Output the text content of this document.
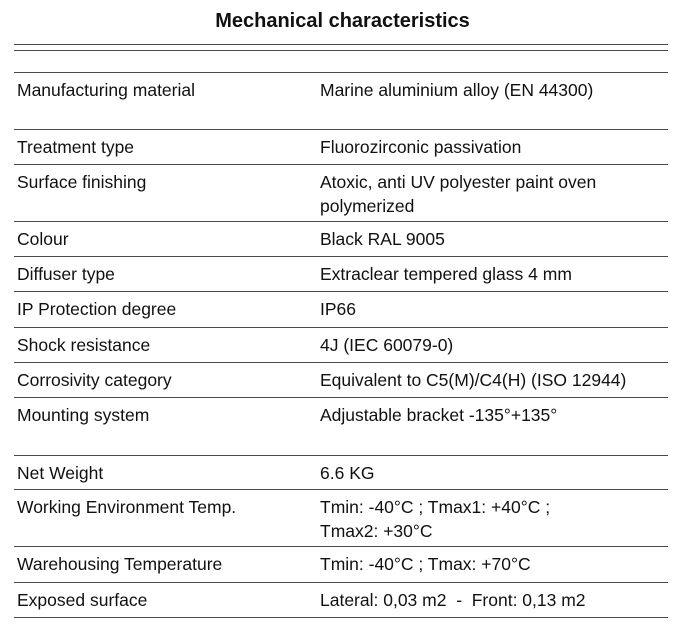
Mechanical characteristics
Manufacturing material	Marine aluminium alloy (EN 44300)
Treatment type	Fluorozirconic passivation
Surface finishing	Atoxic, anti UV polyester paint oven
polymerized
Colour	Black RAL 9005
Diffuser type	Extraclear tempered glass 4 mm
IP Protection degree	IP66
Shock resistance	4J (IEC 60079-0)
Corrosivity category	Equivalent to C5(M)/C4(H) (ISO 12944)
Mounting system	Adjustable bracket -135°+135°
Net Weight	6.6 KG
Working Environment Temp.	Tmin: -40°C ; Tmax1: +40°C ;
Tmax2: +30°C
Warehousing Temperature	Tmin: -40°C ; Tmax: +70°C
Exposed surface	Lateral: 0,03 m2  -  Front: 0,13 m2
